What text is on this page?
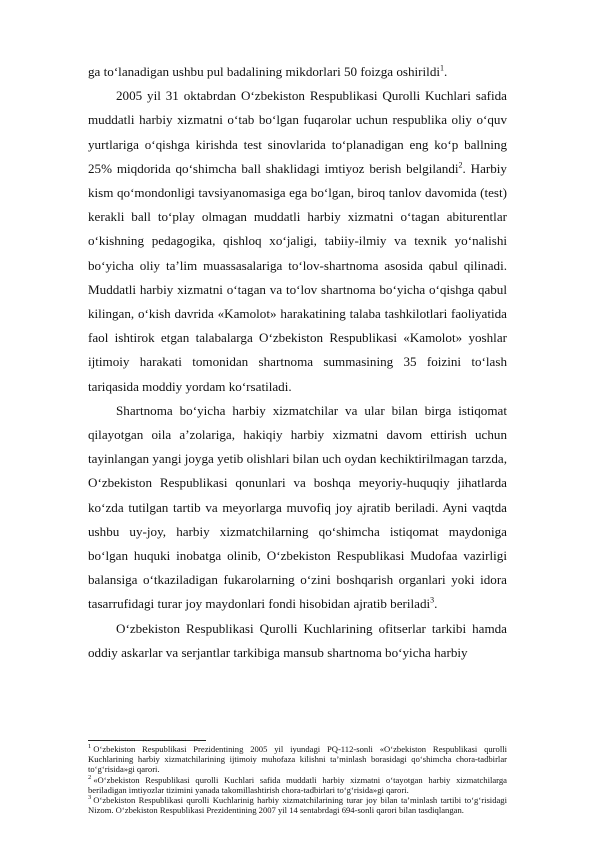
ga to‘lanadigan ushbu pul badalining mikdorlari 50 foizga oshirildi$^1$.

2005 yil 31 oktabrdan O‘zbekiston Respublikasi Qurolli Kuchlari safida muddatli harbiy xizmatni o‘tab bo‘lgan fuqarolar uchun respublika oliy o‘quv yurtlariga o‘qishga kirishda test sinovlarida to‘planadigan eng ko‘p ballning 25% miqdorida qo‘shimcha ball shaklidagi imtiyoz berish belgilandi$^2$. Harbiy kism qo‘mondonligi tavsiyanomasiga ega bo‘lgan, biroq tanlov davomida (test) kerakli ball to‘play olmagan muddatli harbiy xizmatni o‘tagan abiturentlar o‘kishning pedagogika, qishloq xo‘jaligi, tabiiy-ilmiy va texnik yo‘nalishi bo‘yicha oliy ta’lim muassasalariga to‘lov-shartnoma asosida qabul qilinadi. Muddatli harbiy xizmatni o‘tagan va to‘lov shartnoma bo‘yicha o‘qishga qabul kilingan, o‘kish davrida «Kamolot» harakatining talaba tashkilotlari faoliyatida faol ishtirok etgan talabalarga O‘zbekiston Respublikasi «Kamolot» yoshlar ijtimoiy harakati tomonidan shartnoma summasining 35 foizini to‘lash tariqasida moddiy yordam ko‘rsatiladi.

Shartnoma bo‘yicha harbiy xizmatchilar va ular bilan birga istiqomat qilayotgan oila a’zolariga, hakiqiy harbiy xizmatni davom ettirish uchun tayinlangan yangi joyga yetib olishlari bilan uch oydan kechiktirilmagan tarzda, O‘zbekiston Respublikasi qonunlari va boshqa meyoriy-huquqiy jihatlarda ko‘zda tutilgan tartib va meyorlarga muvofiq joy ajratib beriladi. Ayni vaqtda ushbu uy-joy, harbiy xizmatchilarning qo‘shimcha istiqomat maydoniga bo‘lgan huquki inobatga olinib, O‘zbekiston Respublikasi Mudofaa vazirligi balansiga o‘tkaziladigan fukarolarning o‘zini boshqarish organlari yoki idora tasarrufidagi turar joy maydonlari fondi hisobidan ajratib beriladi$^3$.

O‘zbekiston Respublikasi Qurolli Kuchlarining ofitserlar tarkibi hamda oddiy askarlar va serjantlar tarkibiga mansub shartnoma bo‘yicha harbiy

$^1$ O‘zbekiston Respublikasi Prezidentining 2005 yil iyundagi PQ-112-sonli «O‘zbekiston Respublikasi qurolli Kuchlarining harbiy xizmatchilarining ijtimoiy muhofaza kilishni ta’minlash borasidagi qo‘shimcha chora-tadbirlar to‘g‘risida»gi qarori.

$^2$ «O‘zbekiston Respublikasi qurolli Kuchlari safida muddatli harbiy xizmatni o‘tayotgan harbiy xizmatchilarga beriladigan imtiyozlar tizimini yanada takomillashtirish chora-tadbirlari to‘g‘risida»gi qarori.

$^3$ O‘zbekiston Respublikasi qurolli Kuchlarinig harbiy xizmatchilarining turar joy bilan ta’minlash tartibi to‘g‘risidagi Nizom. O‘zbekiston Respublikasi Prezidentining 2007 yil 14 sentabrdagi 694-sonli qarori bilan tasdiqlangan.
